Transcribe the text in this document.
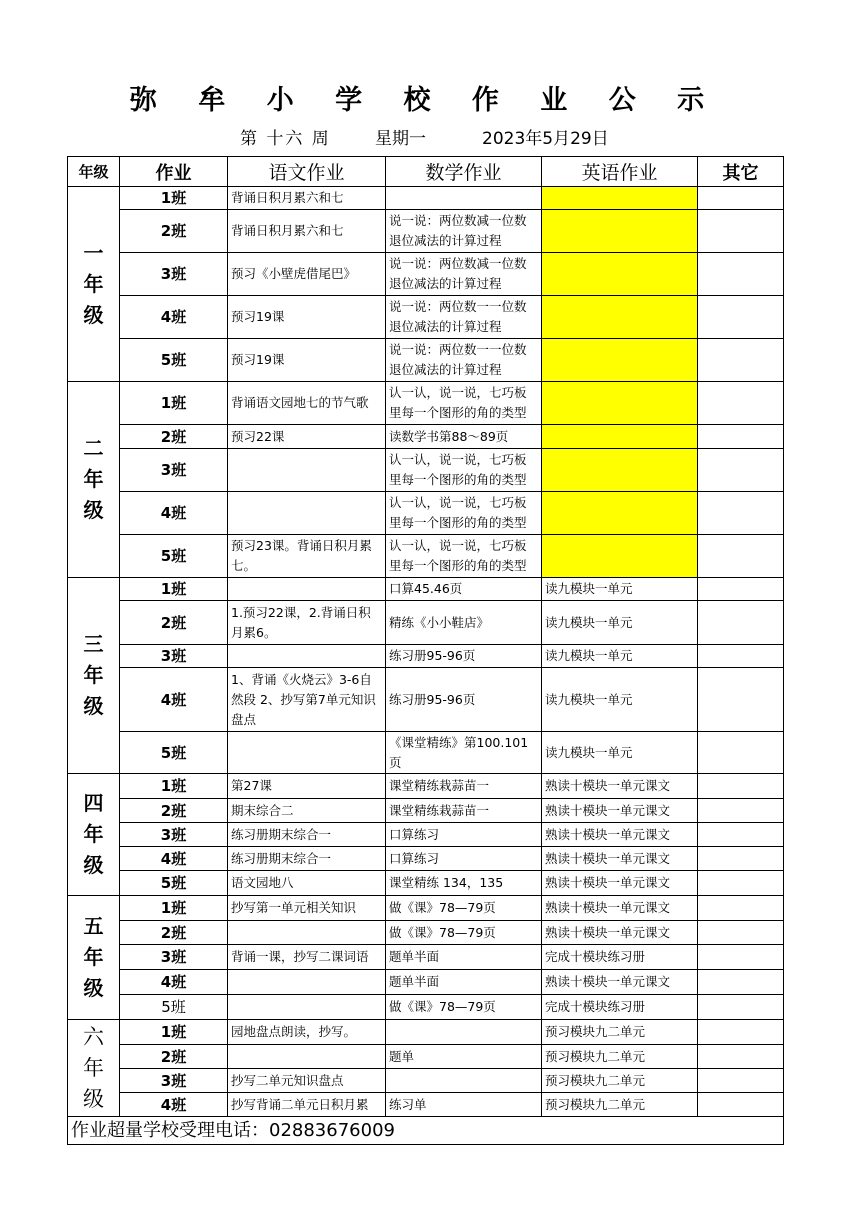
弥 牟 小 学 校 作 业 公 示
第 十六 周	星期一	2023年5月29日
年级	作业	语文作业	数学作业	英语作业	其它
一年级	1班	背诵日积月累六和七			
	2班	背诵日积月累六和七	说一说：两位数减一位数退位减法的计算过程		
	3班	预习《小壁虎借尾巴》	说一说：两位数减一位数退位减法的计算过程		
	4班	预习19课	说一说：两位数一一位数退位减法的计算过程		
	5班	预习19课	说一说：两位数一一位数退位减法的计算过程		
二年级	1班	背诵语文园地七的节气歌	认一认，说一说，七巧板里每一个图形的角的类型		
	2班	预习22课	读数学书第88～89页		
	3班		认一认，说一说，七巧板里每一个图形的角的类型		
	4班		认一认，说一说，七巧板里每一个图形的角的类型		
	5班	预习23课。背诵日积月累七。	认一认，说一说，七巧板里每一个图形的角的类型		
三年级	1班		口算45.46页	读九模块一单元	
	2班	1.预习22课，2.背诵日积月累6。	精练《小小鞋店》	读九模块一单元	
	3班		练习册95-96页	读九模块一单元	
	4班	1、背诵《火烧云》3-6自然段 2、抄写第7单元知识盘点	练习册95-96页	读九模块一单元	
	5班		《课堂精练》第100.101页	读九模块一单元	
四年级	1班	第27课	课堂精练栽蒜苗一	熟读十模块一单元课文	
	2班	期末综合二	课堂精练栽蒜苗一	熟读十模块一单元课文	
	3班	练习册期末综合一	口算练习	熟读十模块一单元课文	
	4班	练习册期末综合一	口算练习	熟读十模块一单元课文	
	5班	语文园地八	课堂精练 134，135	熟读十模块一单元课文	
五年级	1班	抄写第一单元相关知识	做《课》78—79页	熟读十模块一单元课文	
	2班		做《课》78—79页	熟读十模块一单元课文	
	3班	背诵一课，抄写二课词语	题单半面	完成十模块练习册	
	4班		题单半面	熟读十模块一单元课文	
	5班		做《课》78—79页	完成十模块练习册	
六年级	1班	园地盘点朗读，抄写。		预习模块九二单元	
	2班		题单	预习模块九二单元	
	3班	抄写二单元知识盘点		预习模块九二单元	
	4班	抄写背诵二单元日积月累	练习单	预习模块九二单元	
作业超量学校受理电话：02883676009					
